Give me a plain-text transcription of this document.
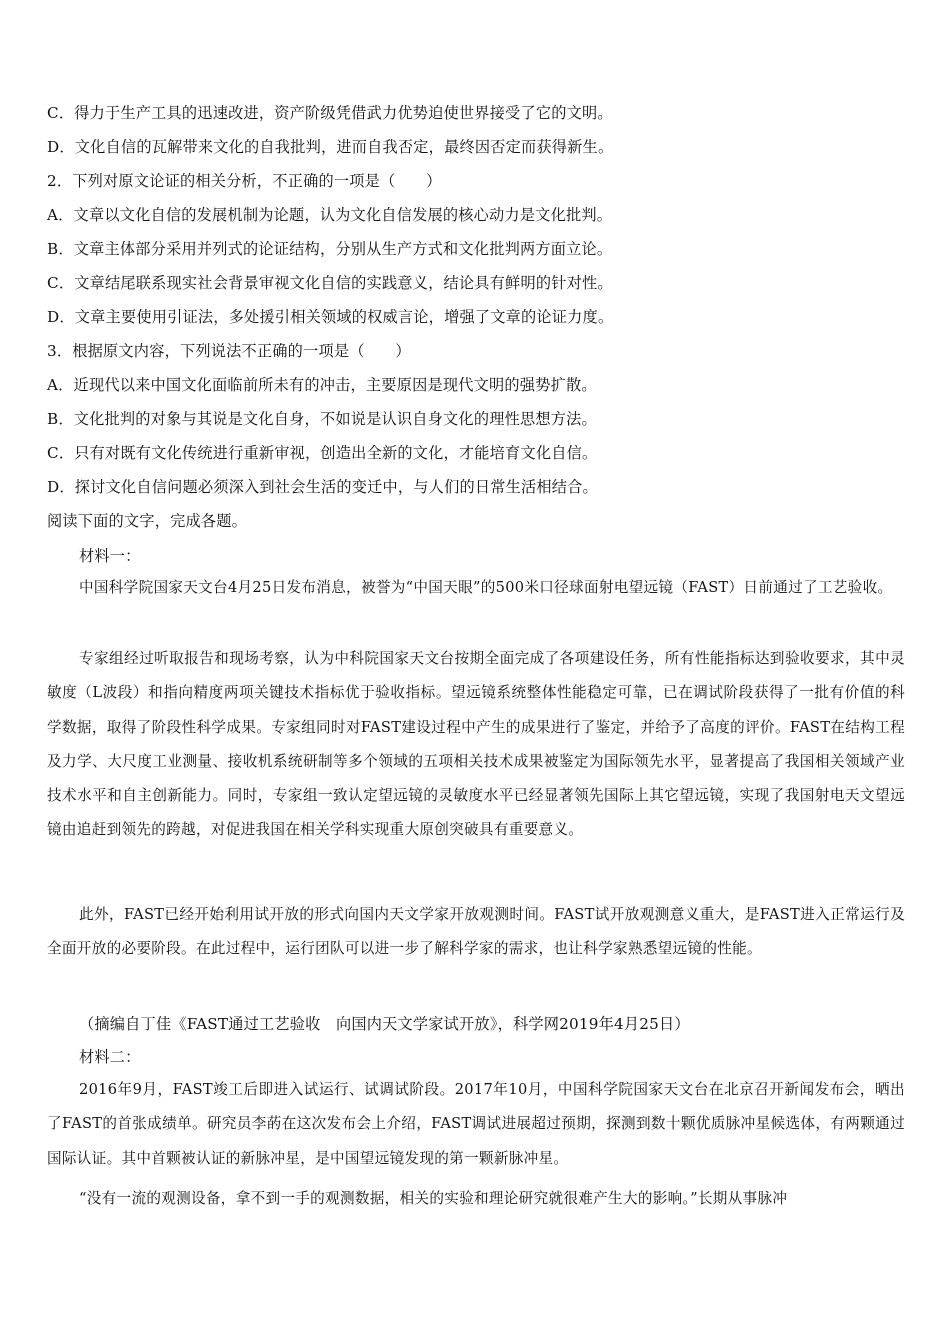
C．得力于生产工具的迅速改进，资产阶级凭借武力优势迫使世界接受了它的文明。
D．文化自信的瓦解带来文化的自我批判，进而自我否定，最终因否定而获得新生。
2．下列对原文论证的相关分析，不正确的一项是（　　）
A．文章以文化自信的发展机制为论题，认为文化自信发展的核心动力是文化批判。
B．文章主体部分采用并列式的论证结构，分别从生产方式和文化批判两方面立论。
C．文章结尾联系现实社会背景审视文化自信的实践意义，结论具有鲜明的针对性。
D．文章主要使用引证法，多处援引相关领域的权威言论，增强了文章的论证力度。
3．根据原文内容，下列说法不正确的一项是（　　）
A．近现代以来中国文化面临前所未有的冲击，主要原因是现代文明的强势扩散。
B．文化批判的对象与其说是文化自身，不如说是认识自身文化的理性思想方法。
C．只有对既有文化传统进行重新审视，创造出全新的文化，才能培育文化自信。
D．探讨文化自信问题必须深入到社会生活的变迁中，与人们的日常生活相结合。
阅读下面的文字，完成各题。
材料一：
中国科学院国家天文台4月25日发布消息，被誉为“中国天眼”的500米口径球面射电望远镜（FAST）日前通过了工艺验收。
专家组经过听取报告和现场考察，认为中科院国家天文台按期全面完成了各项建设任务，所有性能指标达到验收要求，其中灵敏度（L波段）和指向精度两项关键技术指标优于验收指标。望远镜系统整体性能稳定可靠，已在调试阶段获得了一批有价值的科学数据，取得了阶段性科学成果。专家组同时对FAST建设过程中产生的成果进行了鉴定，并给予了高度的评价。FAST在结构工程及力学、大尺度工业测量、接收机系统研制等多个领域的五项相关技术成果被鉴定为国际领先水平，显著提高了我国相关领域产业技术水平和自主创新能力。同时，专家组一致认定望远镜的灵敏度水平已经显著领先国际上其它望远镜，实现了我国射电天文望远镜由追赶到领先的跨越，对促进我国在相关学科实现重大原创突破具有重要意义。
此外，FAST已经开始利用试开放的形式向国内天文学家开放观测时间。FAST试开放观测意义重大，是FAST进入正常运行及全面开放的必要阶段。在此过程中，运行团队可以进一步了解科学家的需求，也让科学家熟悉望远镜的性能。
（摘编自丁佳《FAST通过工艺验收　向国内天文学家试开放》，科学网2019年4月25日）
材料二：
2016年9月，FAST竣工后即进入试运行、试调试阶段。2017年10月，中国科学院国家天文台在北京召开新闻发布会，晒出了FAST的首张成绩单。研究员李菂在这次发布会上介绍，FAST调试进展超过预期，探测到数十颗优质脉冲星候选体，有两颗通过国际认证。其中首颗被认证的新脉冲星，是中国望远镜发现的第一颗新脉冲星。
“没有一流的观测设备，拿不到一手的观测数据，相关的实验和理论研究就很难产生大的影响。”长期从事脉冲
